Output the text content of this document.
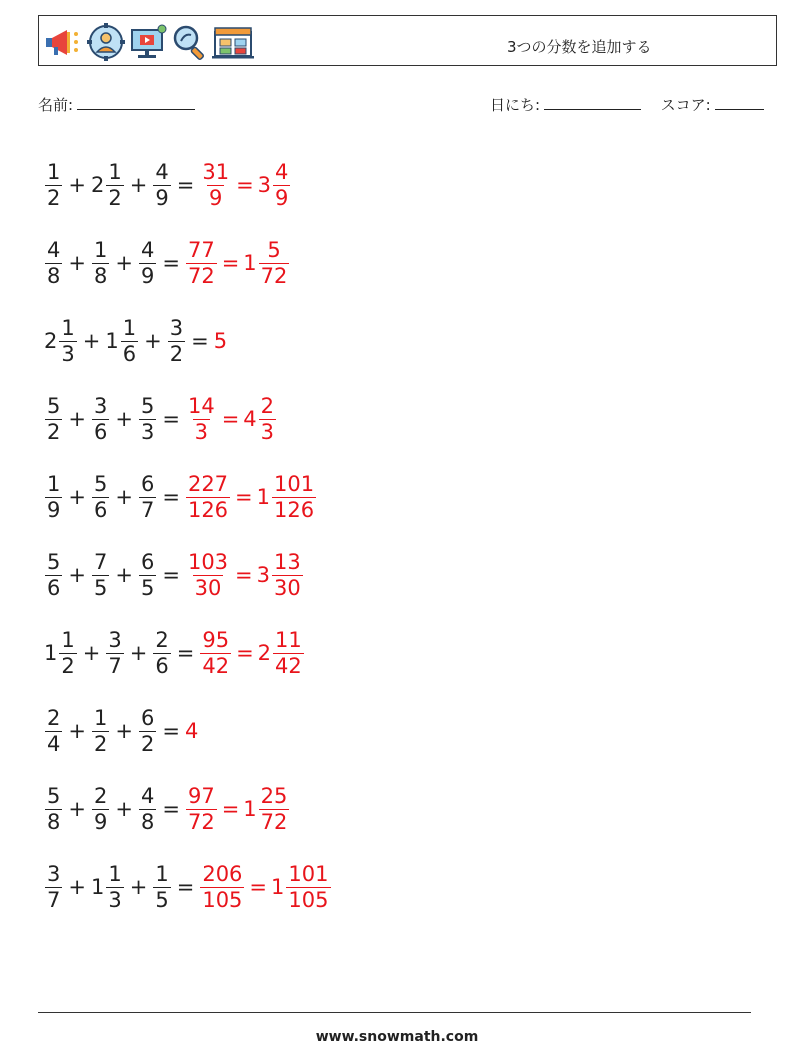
3つの分数を追加する
名前:	日にち:	スコア:
$\frac{1}{2} + 2 \frac{1}{2} + \frac{4}{9} = \frac{31}{9} = 3 \frac{4}{9}$
$\frac{4}{8} + \frac{1}{8} + \frac{4}{9} = \frac{77}{72} = 1 \frac{5}{72}$
$2 \frac{1}{3} + 1 \frac{1}{6} + \frac{3}{2} = 5$
$\frac{5}{2} + \frac{3}{6} + \frac{5}{3} = \frac{14}{3} = 4 \frac{2}{3}$
$\frac{1}{9} + \frac{5}{6} + \frac{6}{7} = \frac{227}{126} = 1 \frac{101}{126}$
$\frac{5}{6} + \frac{7}{5} + \frac{6}{5} = \frac{103}{30} = 3 \frac{13}{30}$
$1 \frac{1}{2} + \frac{3}{7} + \frac{2}{6} = \frac{95}{42} = 2 \frac{11}{42}$
$\frac{2}{4} + \frac{1}{2} + \frac{6}{2} = 4$
$\frac{5}{8} + \frac{2}{9} + \frac{4}{8} = \frac{97}{72} = 1 \frac{25}{72}$
$\frac{3}{7} + 1 \frac{1}{3} + \frac{1}{5} = \frac{206}{105} = 1 \frac{101}{105}$
www.snowmath.com
